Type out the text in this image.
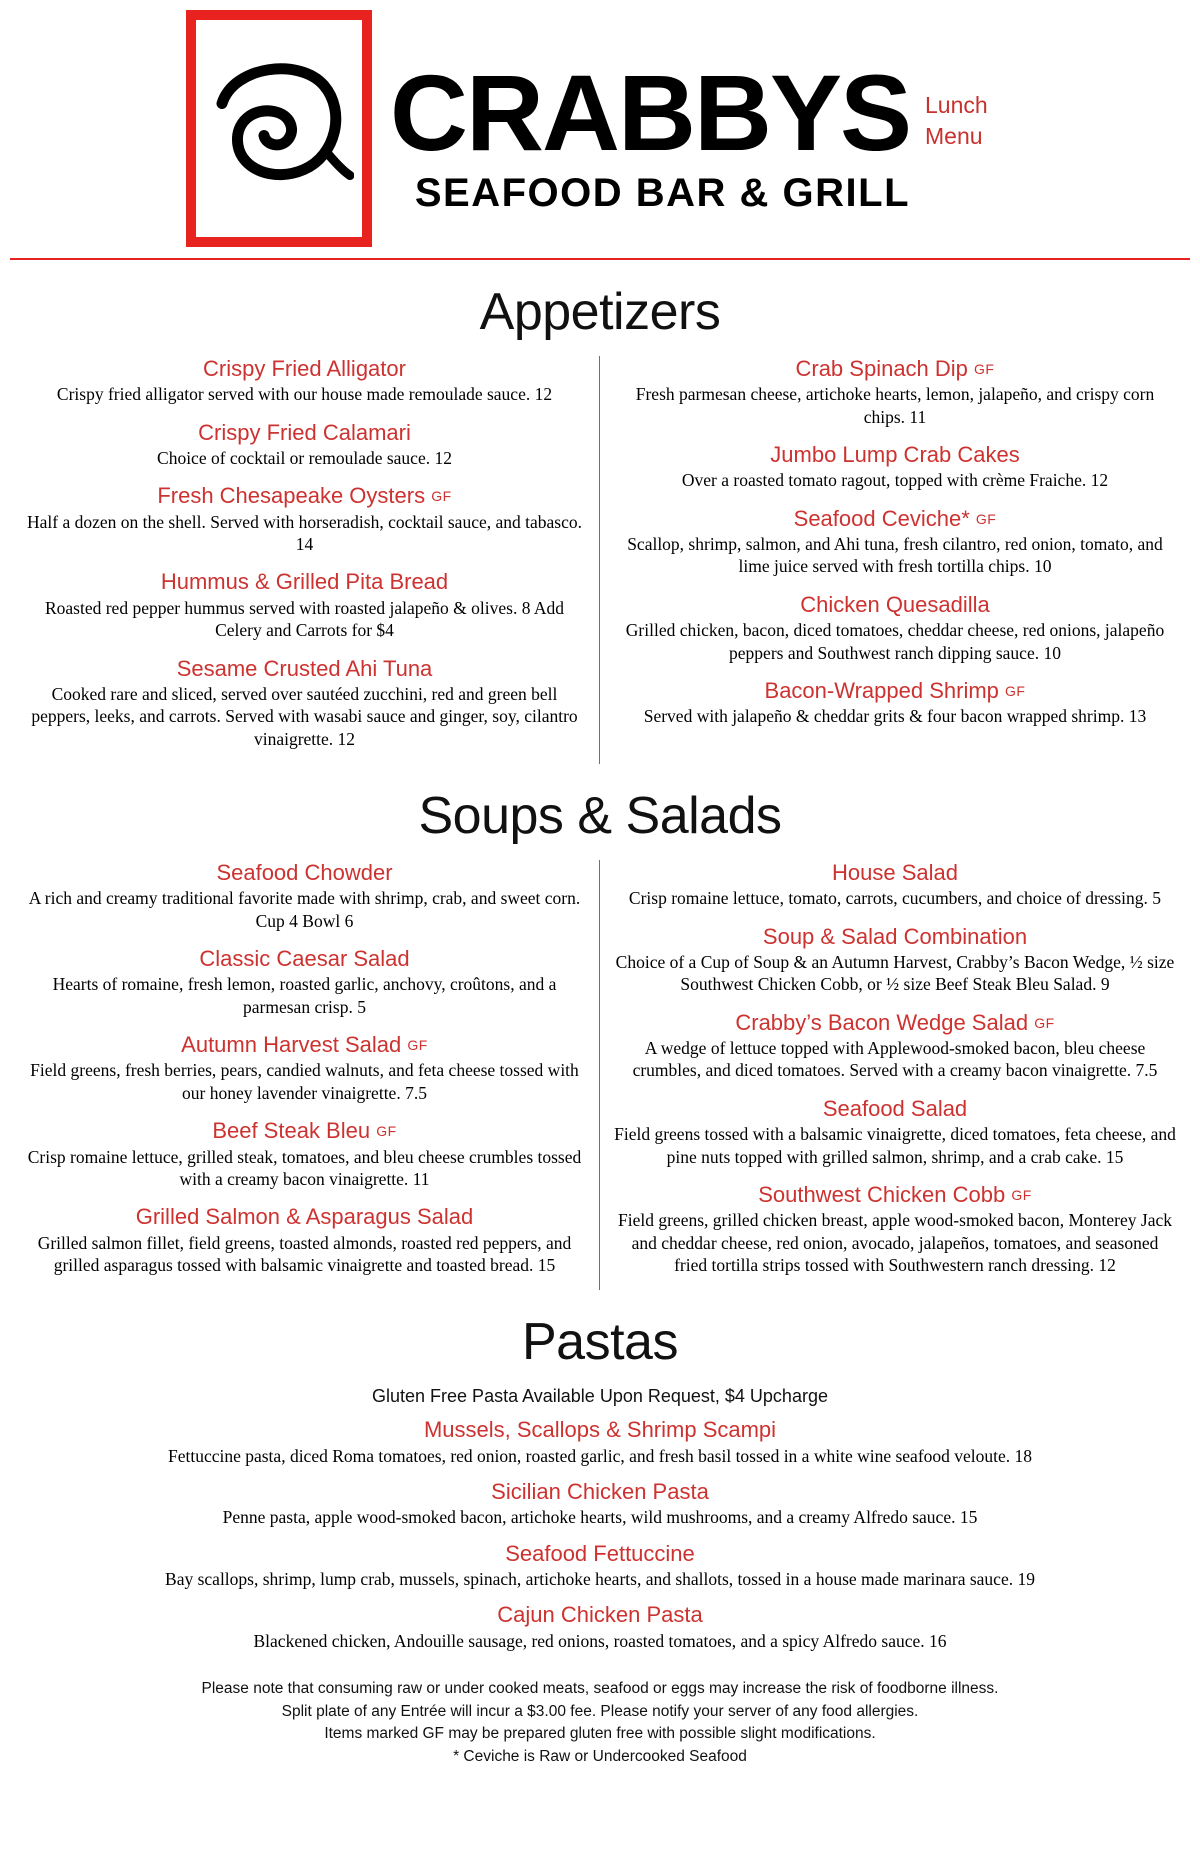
CRABBYS
SEAFOOD BAR & GRILL
Lunch
Menu
Appetizers
Crispy Fried Alligator
Crispy fried alligator served with our house made remoulade sauce. 12
Crispy Fried Calamari
Choice of cocktail or remoulade sauce. 12
Fresh Chesapeake Oysters GF
Half a dozen on the shell. Served with horseradish, cocktail sauce, and tabasco. 14
Hummus & Grilled Pita Bread
Roasted red pepper hummus served with roasted jalapeño & olives. 8 Add Celery and Carrots for $4
Sesame Crusted Ahi Tuna
Cooked rare and sliced, served over sautéed zucchini, red and green bell peppers, leeks, and carrots. Served with wasabi sauce and ginger, soy, cilantro vinaigrette. 12
Crab Spinach Dip GF
Fresh parmesan cheese, artichoke hearts, lemon, jalapeño, and crispy corn chips. 11
Jumbo Lump Crab Cakes
Over a roasted tomato ragout, topped with crème Fraiche. 12
Seafood Ceviche* GF
Scallop, shrimp, salmon, and Ahi tuna, fresh cilantro, red onion, tomato, and lime juice served with fresh tortilla chips. 10
Chicken Quesadilla
Grilled chicken, bacon, diced tomatoes, cheddar cheese, red onions, jalapeño peppers and Southwest ranch dipping sauce. 10
Bacon-Wrapped Shrimp GF
Served with jalapeño & cheddar grits & four bacon wrapped shrimp. 13
Soups & Salads
Seafood Chowder
A rich and creamy traditional favorite made with shrimp, crab, and sweet corn. Cup 4 Bowl 6
Classic Caesar Salad
Hearts of romaine, fresh lemon, roasted garlic, anchovy, croûtons, and a parmesan crisp. 5
Autumn Harvest Salad GF
Field greens, fresh berries, pears, candied walnuts, and feta cheese tossed with our honey lavender vinaigrette. 7.5
Beef Steak Bleu GF
Crisp romaine lettuce, grilled steak, tomatoes, and bleu cheese crumbles tossed with a creamy bacon vinaigrette. 11
Grilled Salmon & Asparagus Salad
Grilled salmon fillet, field greens, toasted almonds, roasted red peppers, and grilled asparagus tossed with balsamic vinaigrette and toasted bread. 15
House Salad
Crisp romaine lettuce, tomato, carrots, cucumbers, and choice of dressing. 5
Soup & Salad Combination
Choice of a Cup of Soup & an Autumn Harvest, Crabby’s Bacon Wedge, ½ size Southwest Chicken Cobb, or ½ size Beef Steak Bleu Salad. 9
Crabby’s Bacon Wedge Salad GF
A wedge of lettuce topped with Applewood-smoked bacon, bleu cheese crumbles, and diced tomatoes. Served with a creamy bacon vinaigrette. 7.5
Seafood Salad
Field greens tossed with a balsamic vinaigrette, diced tomatoes, feta cheese, and pine nuts topped with grilled salmon, shrimp, and a crab cake. 15
Southwest Chicken Cobb GF
Field greens, grilled chicken breast, apple wood-smoked bacon, Monterey Jack and cheddar cheese, red onion, avocado, jalapeños, tomatoes, and seasoned fried tortilla strips tossed with Southwestern ranch dressing. 12
Pastas
Gluten Free Pasta Available Upon Request, $4 Upcharge
Mussels, Scallops & Shrimp Scampi
Fettuccine pasta, diced Roma tomatoes, red onion, roasted garlic, and fresh basil tossed in a white wine seafood veloute. 18
Sicilian Chicken Pasta
Penne pasta, apple wood-smoked bacon, artichoke hearts, wild mushrooms, and a creamy Alfredo sauce. 15
Seafood Fettuccine
Bay scallops, shrimp, lump crab, mussels, spinach, artichoke hearts, and shallots, tossed in a house made marinara sauce. 19
Cajun Chicken Pasta
Blackened chicken, Andouille sausage, red onions, roasted tomatoes, and a spicy Alfredo sauce. 16
Please note that consuming raw or under cooked meats, seafood or eggs may increase the risk of foodborne illness.
Split plate of any Entrée will incur a $3.00 fee. Please notify your server of any food allergies.
Items marked GF may be prepared gluten free with possible slight modifications.
* Ceviche is Raw or Undercooked Seafood
